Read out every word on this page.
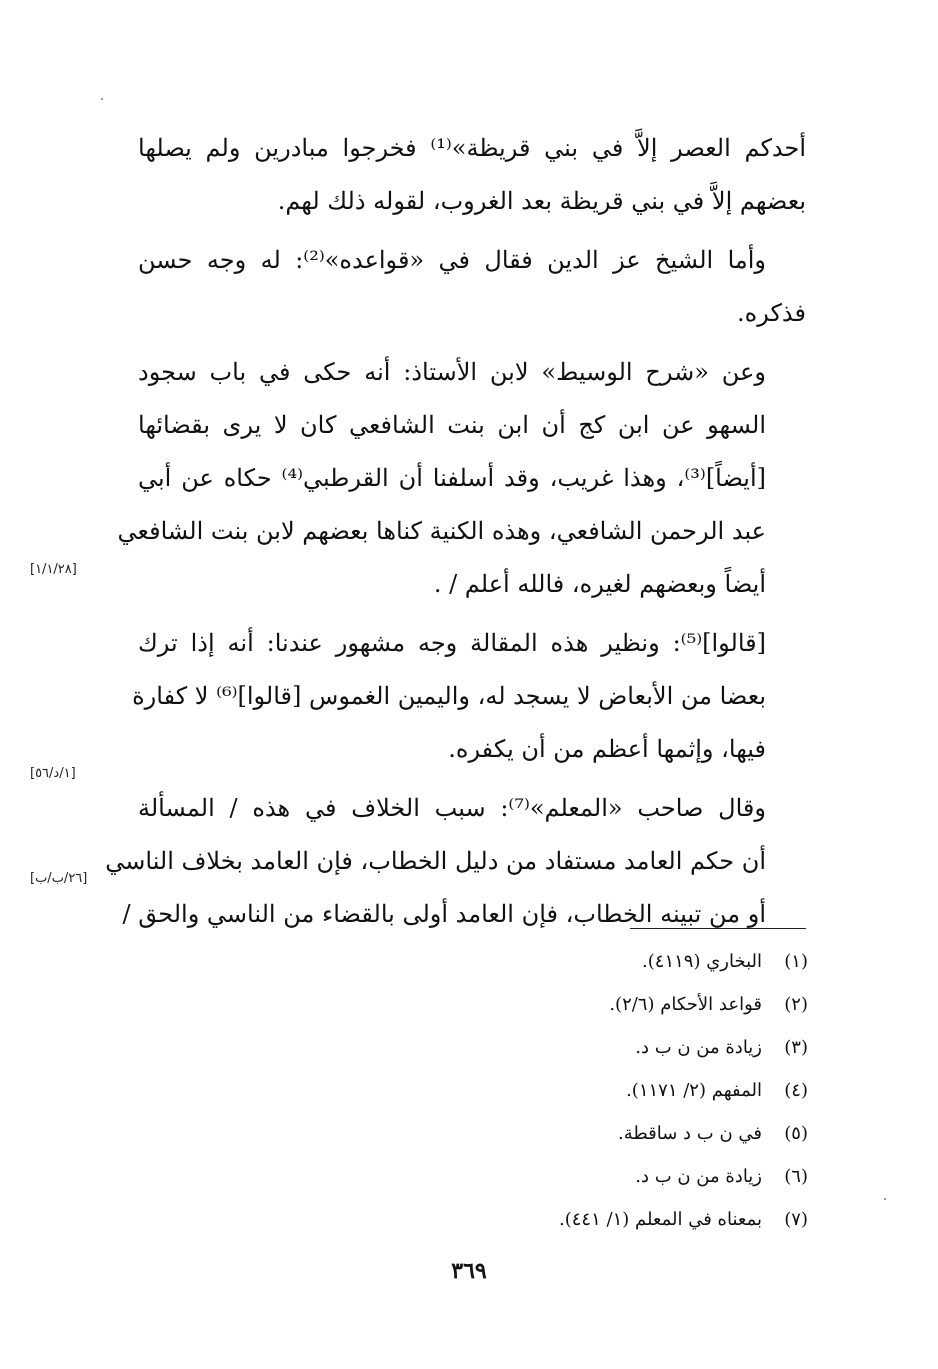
أحدكم العصر إلاَّ في بني قريظة»⁽¹⁾ فخرجوا مبادرين ولم يصلها
بعضهم إلاَّ في بني قريظة بعد الغروب، لقوله ذلك لهم.

وأما الشيخ عز الدين فقال في «قواعده»⁽²⁾: له وجه حسن
فذكره.

وعن «شرح الوسيط» لابن الأستاذ: أنه حكى في باب سجود
السهو عن ابن كج أن ابن بنت الشافعي كان لا يرى بقضائها
[أيضاً]⁽³⁾، وهذا غريب، وقد أسلفنا أن القرطبي⁽⁴⁾ حكاه عن أبي
عبد الرحمن الشافعي، وهذه الكنية كناها بعضهم لابن بنت الشافعي
أيضاً وبعضهم لغيره، فالله أعلم / .

[قالوا]⁽⁵⁾: ونظير هذه المقالة وجه مشهور عندنا: أنه إذا ترك
بعضا من الأبعاض لا يسجد له، واليمين الغموس [قالوا]⁽⁶⁾ لا كفارة
فيها، وإثمها أعظم من أن يكفره.

وقال صاحب «المعلم»⁽⁷⁾: سبب الخلاف في هذه / المسألة
أن حكم العامد مستفاد من دليل الخطاب، فإن العامد بخلاف الناسي
أو من تبينه الخطاب، فإن العامد أولى بالقضاء من الناسي والحق /

[١/١/٢٨]
[١/د/٥٦]
[٢٦/ب/ب]
(١)البخاري (٤١١٩).
(٢)قواعد الأحكام (٢/٦).
(٣)زيادة من ن ب د.
(٤)المفهم (٢/ ١١٧١).
(٥)في ن ب د ساقطة.
(٦)زيادة من ن ب د.
(٧)بمعناه في المعلم (١/ ٤٤١).
٣٦٩
